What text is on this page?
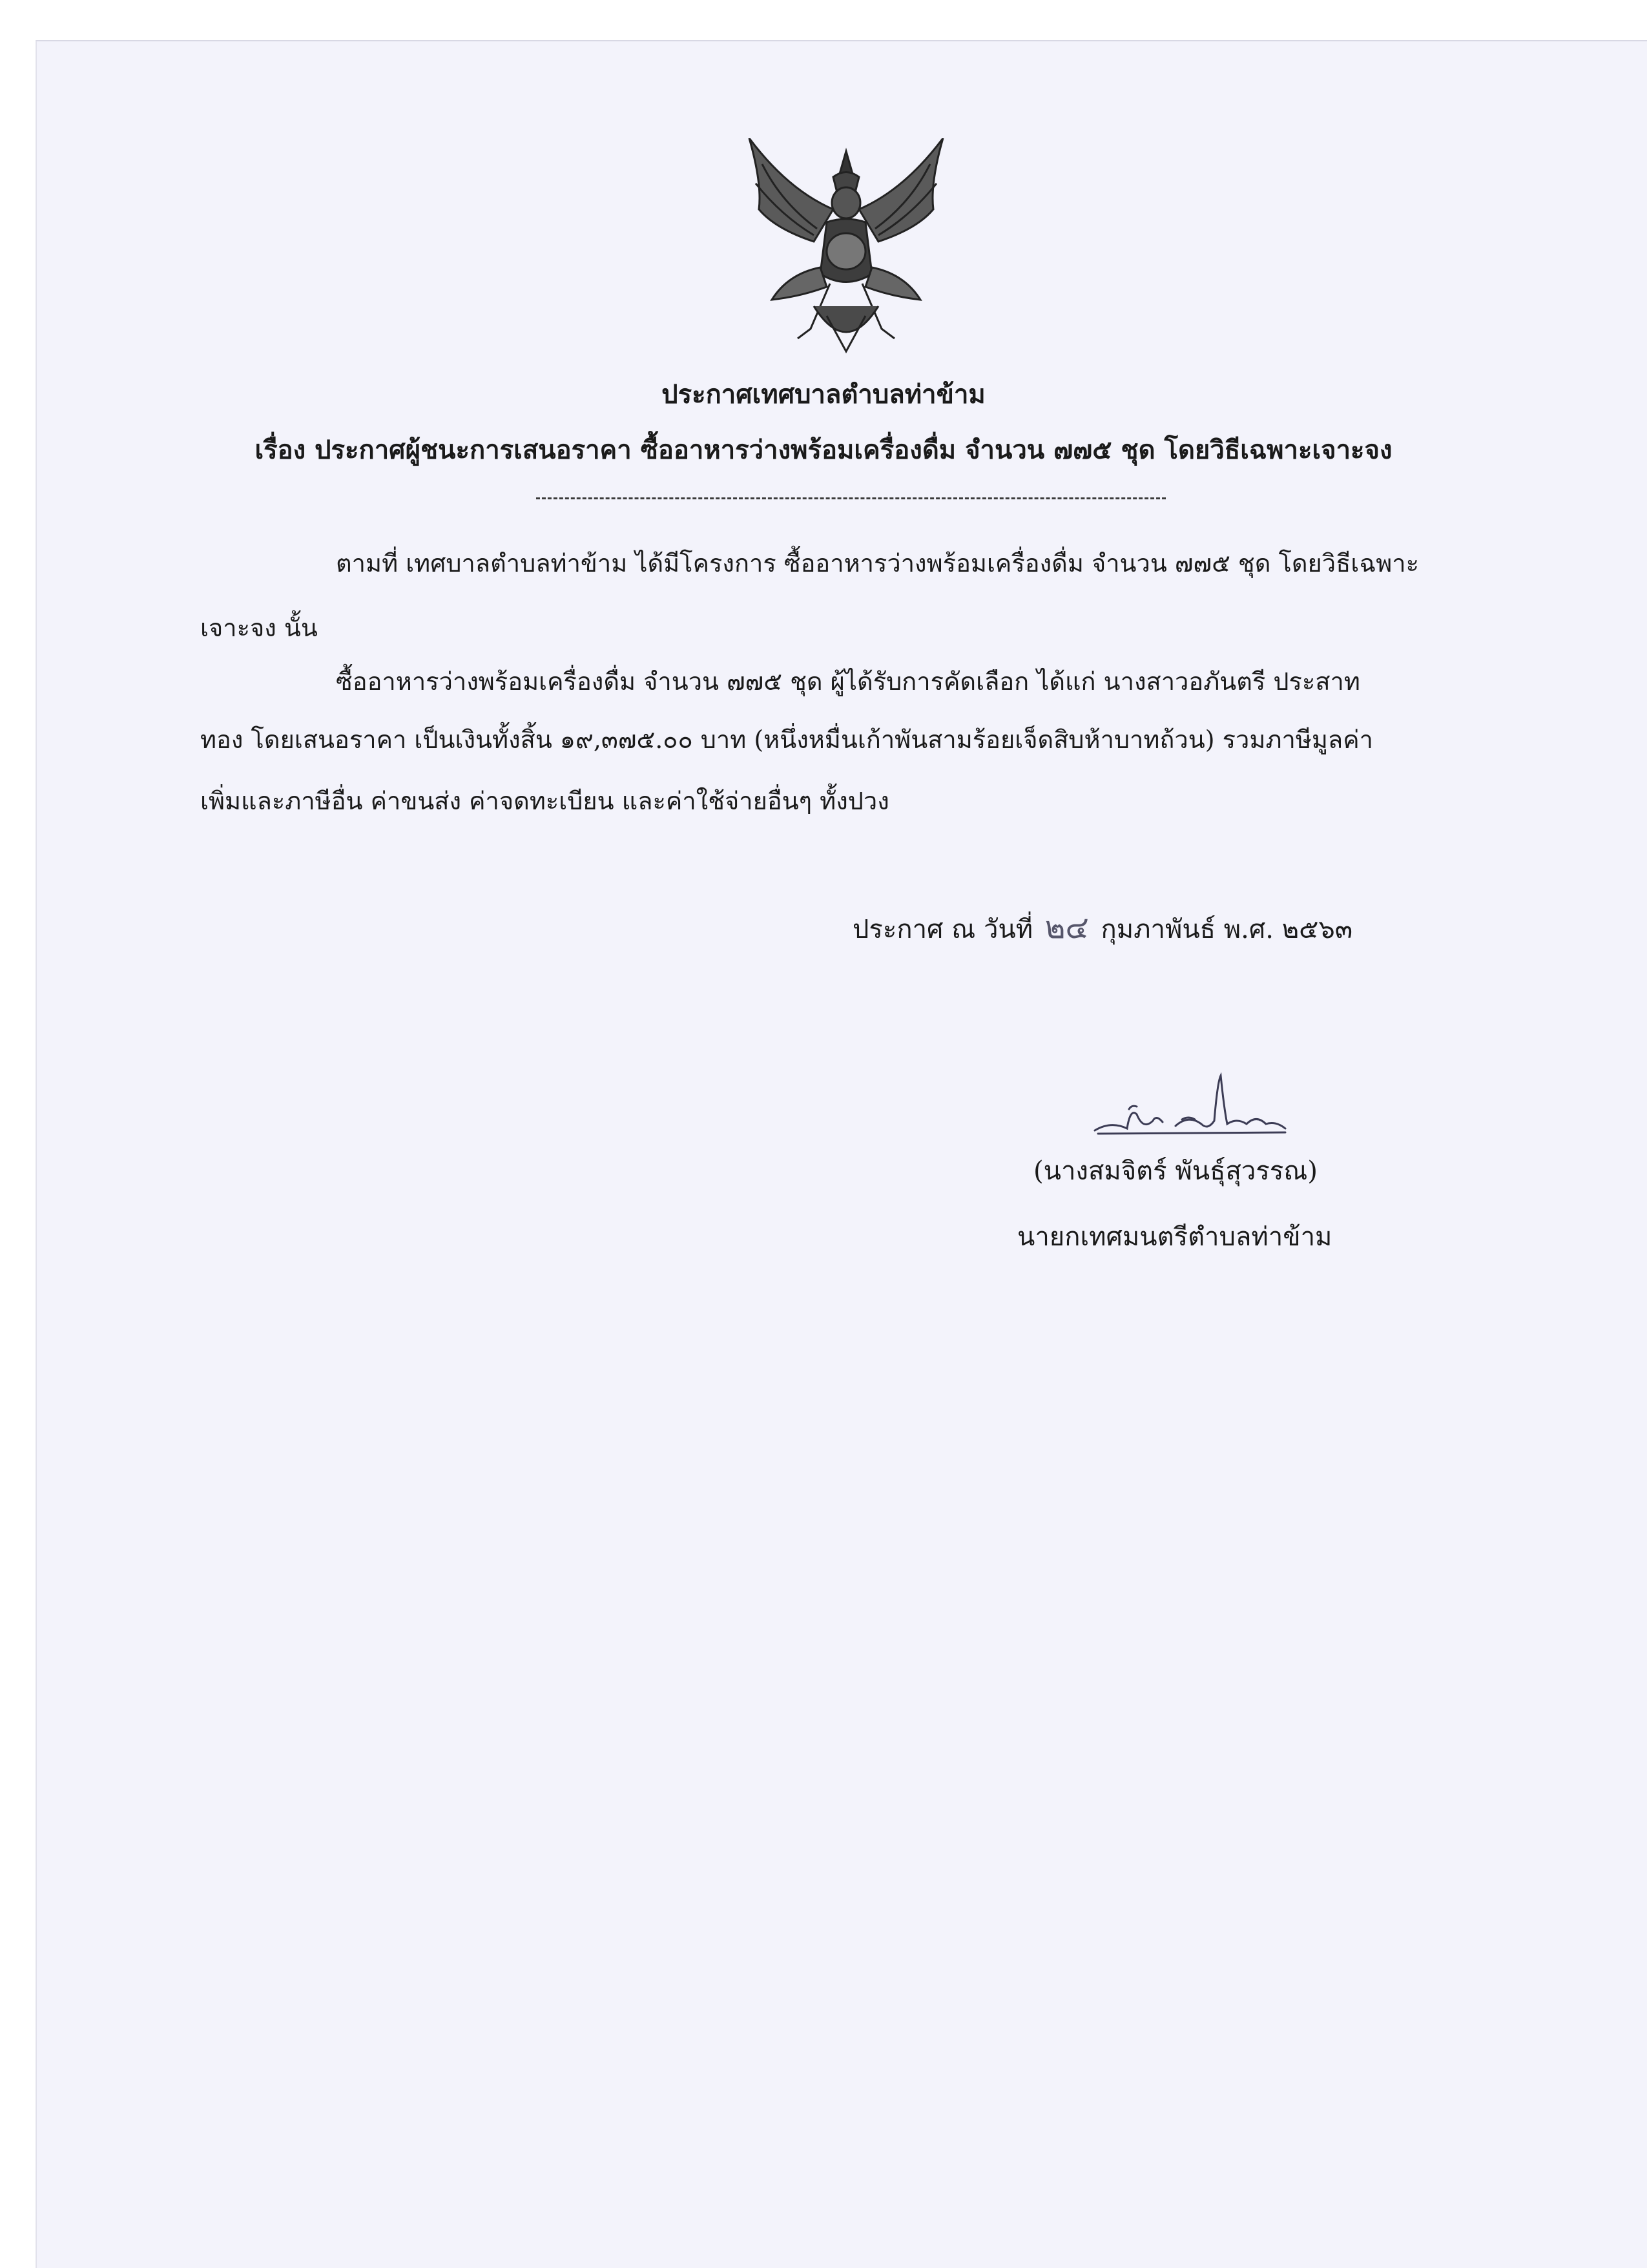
ประกาศเทศบาลตำบลท่าข้าม
เรื่อง ประกาศผู้ชนะการเสนอราคา ซื้ออาหารว่างพร้อมเครื่องดื่ม จำนวน ๗๗๕ ชุด โดยวิธีเฉพาะเจาะจง
ตามที่ เทศบาลตำบลท่าข้าม ได้มีโครงการ ซื้ออาหารว่างพร้อมเครื่องดื่ม จำนวน ๗๗๕ ชุด โดยวิธีเฉพาะ
เจาะจง นั้น
ซื้ออาหารว่างพร้อมเครื่องดื่ม จำนวน ๗๗๕ ชุด ผู้ได้รับการคัดเลือก ได้แก่ นางสาวอภันตรี ประสาท
ทอง โดยเสนอราคา เป็นเงินทั้งสิ้น ๑๙,๓๗๕.๐๐ บาท (หนึ่งหมื่นเก้าพันสามร้อยเจ็ดสิบห้าบาทถ้วน) รวมภาษีมูลค่า
เพิ่มและภาษีอื่น ค่าขนส่ง ค่าจดทะเบียน และค่าใช้จ่ายอื่นๆ ทั้งปวง
ประกาศ ณ วันที่ ๒๔ กุมภาพันธ์ พ.ศ. ๒๕๖๓
(นางสมจิตร์ พันธุ์สุวรรณ)
นายกเทศมนตรีตำบลท่าข้าม
